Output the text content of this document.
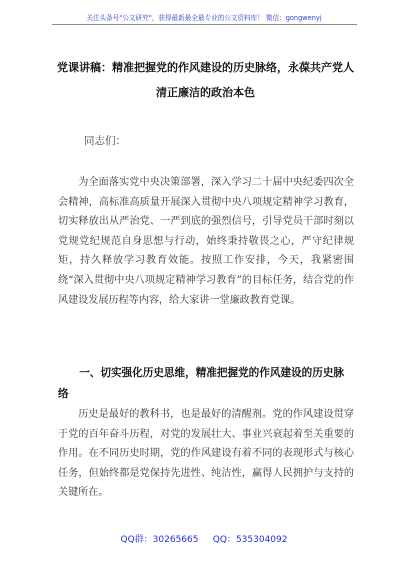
关注头条号"公文研究"，获得最新最全最专业的公文资料库！ 微信：gongwenyj
党课讲稿：精准把握党的作风建设的历史脉络，永葆共产党人清正廉洁的政治本色
同志们：

为全面落实党中央决策部署，深入学习二十届中央纪委四次全会精神，高标准高质量开展深入贯彻中央八项规定精神学习教育，切实释放出从严治党、一严到底的强烈信号，引导党员干部时刻以党规党纪规范自身思想与行动，始终秉持敬畏之心，严守纪律规矩，持久释放学习教育效能。按照工作安排，今天，我紧密围绕“深入贯彻中央八项规定精神学习教育”的目标任务，结合党的作风建设发展历程等内容，给大家讲一堂廉政教育党课。

一、切实强化历史思维，精准把握党的作风建设的历史脉络

历史是最好的教科书，也是最好的清醒剂。党的作风建设贯穿于党的百年奋斗历程，对党的发展壮大、事业兴衰起着至关重要的作用。在不同历史时期，党的作风建设有着不同的表现形式与核心任务，但始终都是党保持先进性、纯洁性，赢得人民拥护与支持的关键所在。

QQ群：30265665     QQ：535304092
